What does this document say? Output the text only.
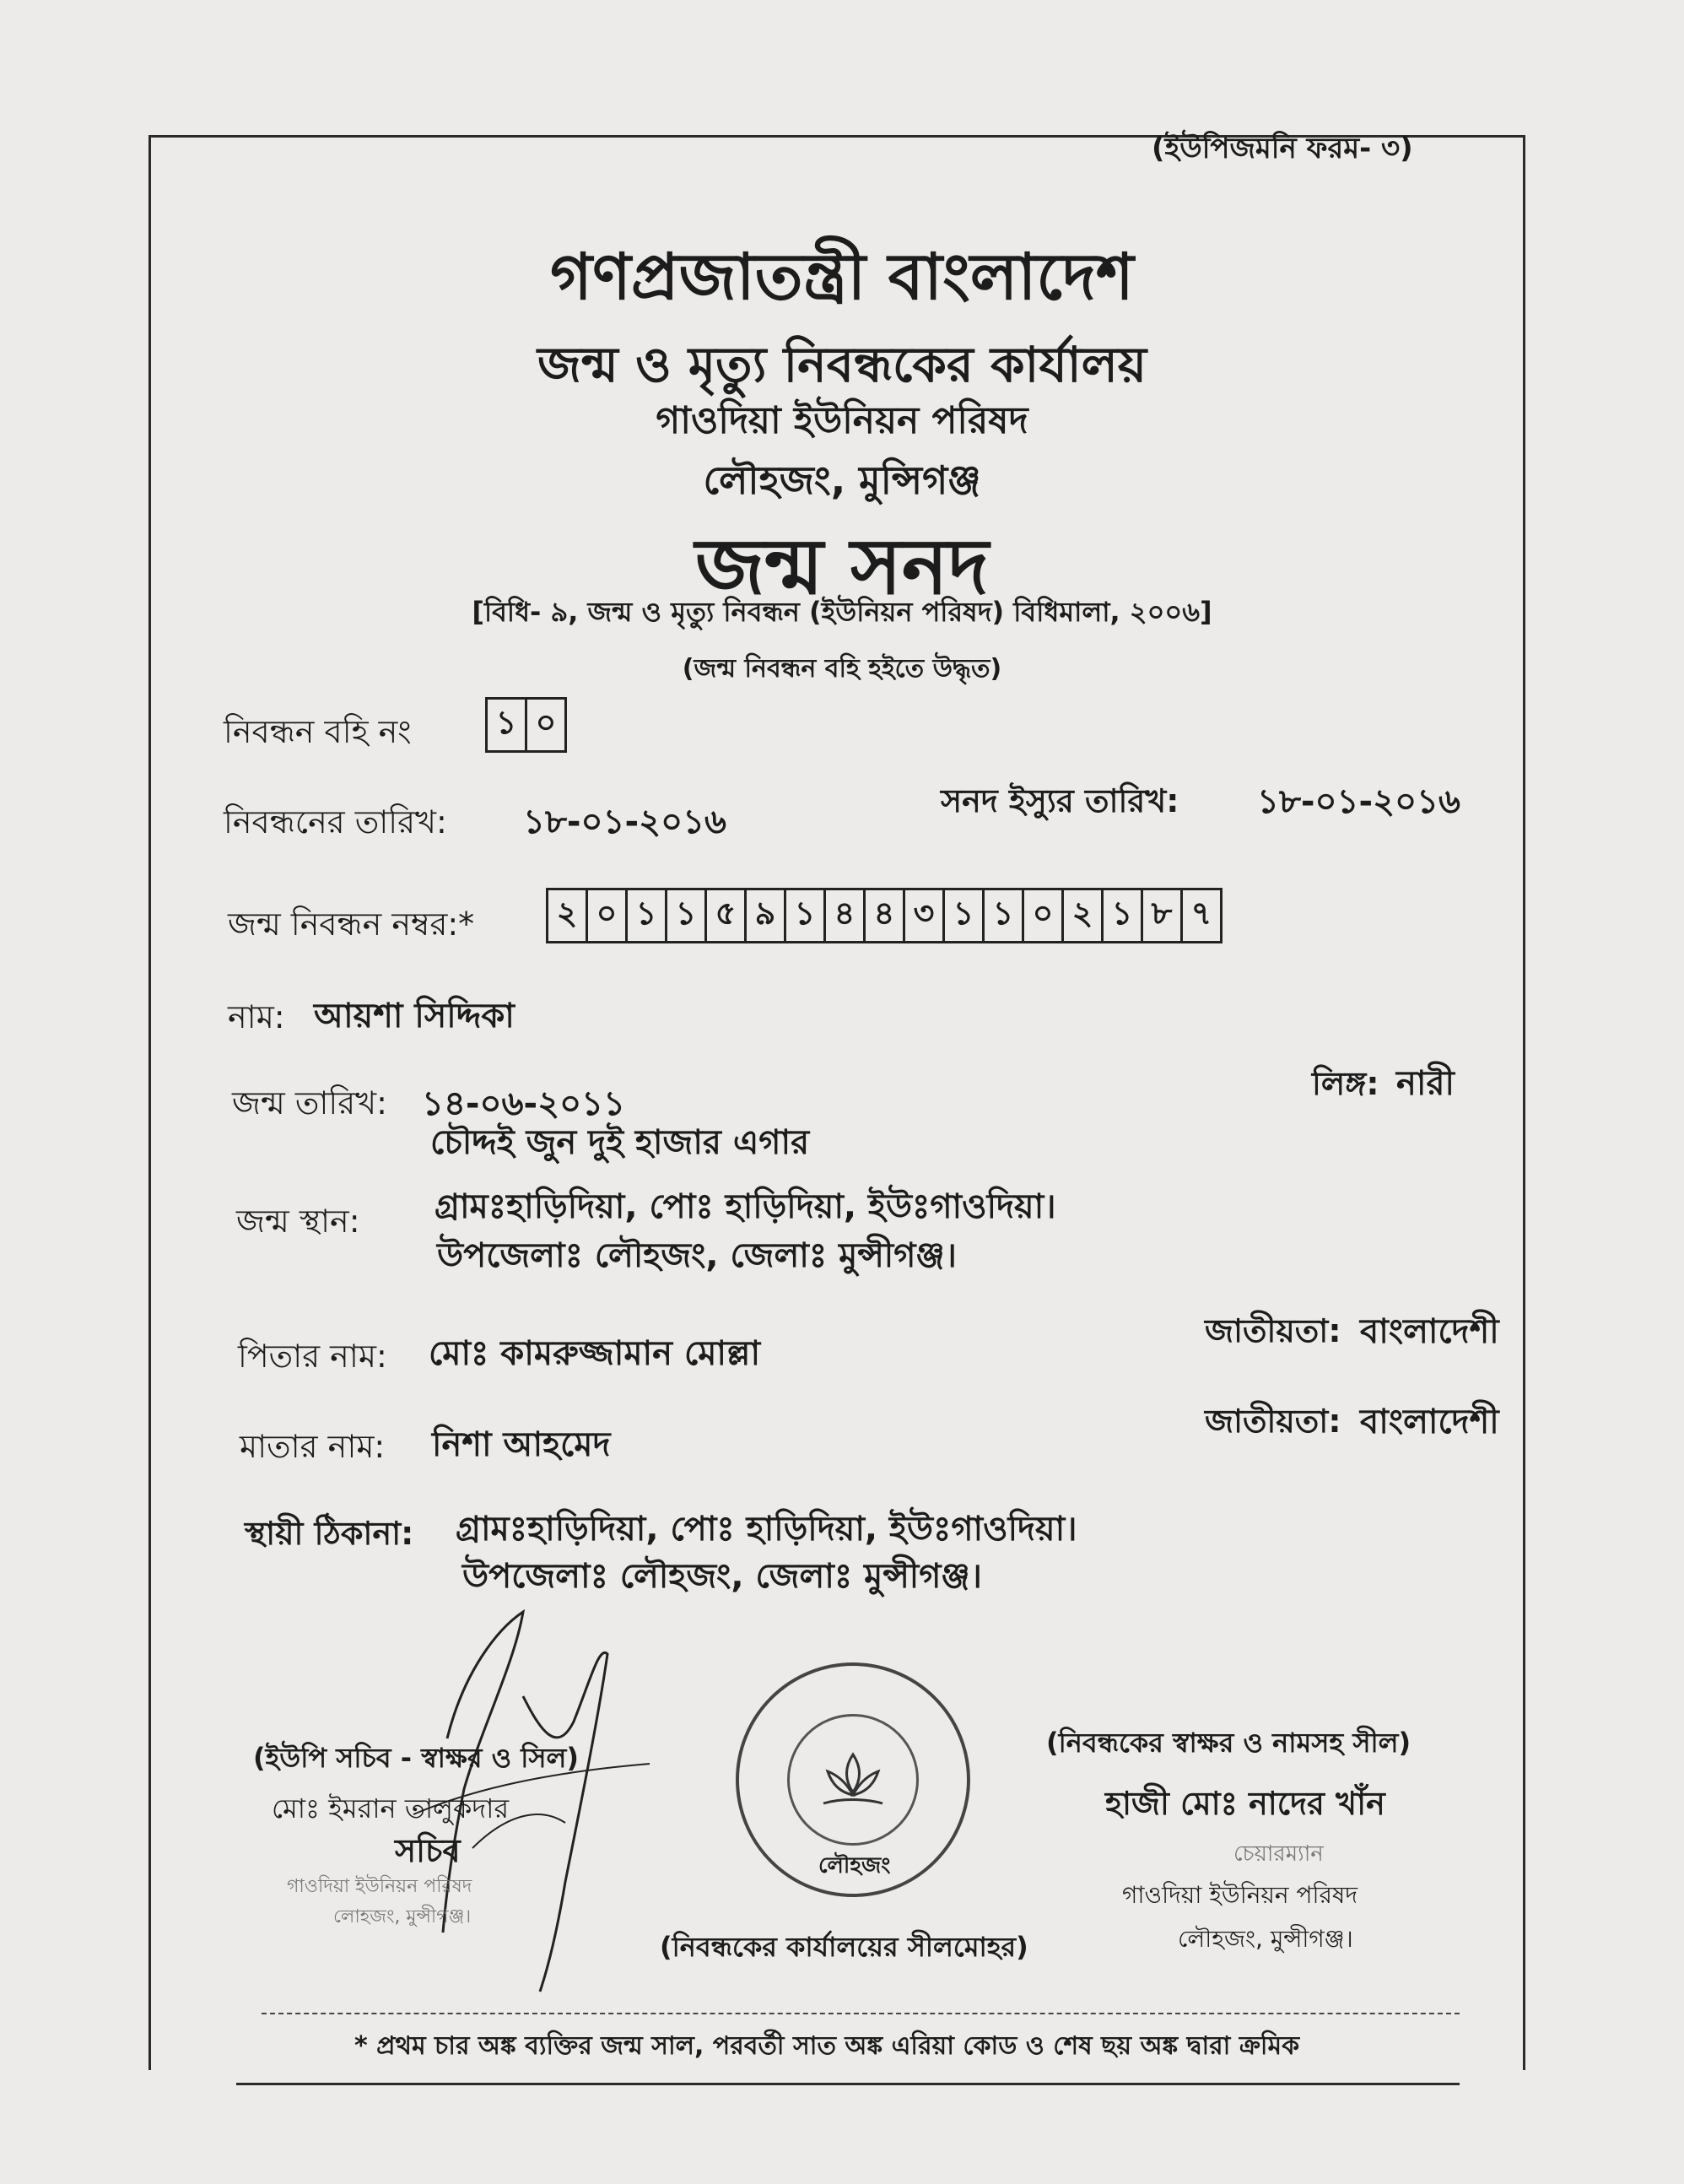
(ইউপিজমনি ফরম- ৩)
গণপ্রজাতন্ত্রী বাংলাদেশ
জন্ম ও মৃত্যু নিবন্ধকের কার্যালয়
গাওদিয়া ইউনিয়ন পরিষদ
লৌহজং, মুন্সিগঞ্জ
জন্ম সনদ
[বিধি- ৯, জন্ম ও মৃত্যু নিবন্ধন (ইউনিয়ন পরিষদ) বিধিমালা, ২০০৬]
(জন্ম নিবন্ধন বহি হইতে উদ্ধৃত)
নিবন্ধন বহি নং	১ ০
নিবন্ধনের তারিখ: ১৮-০১-২০১৬
সনদ ইস্যুর তারিখ: ১৮-০১-২০১৬
জন্ম নিবন্ধন নম্বর:*	২ ০ ১ ১ ৫ ৯ ১ ৪ ৪ ৩ ১ ১ ০ ২ ১ ৮ ৭
নাম: আয়শা সিদ্দিকা
জন্ম তারিখ: ১৪-০৬-২০১১
চৌদ্দই জুন দুই হাজার এগার
লিঙ্গ: নারী
জন্ম স্থান: গ্রামঃহাড়িদিয়া, পোঃ হাড়িদিয়া, ইউঃগাওদিয়া।
উপজেলাঃ লৌহজং, জেলাঃ মুন্সীগঞ্জ।
পিতার নাম: মোঃ কামরুজ্জামান মোল্লা
জাতীয়তা: বাংলাদেশী
মাতার নাম: নিশা আহমেদ
জাতীয়তা: বাংলাদেশী
স্থায়ী ঠিকানা: গ্রামঃহাড়িদিয়া, পোঃ হাড়িদিয়া, ইউঃগাওদিয়া।
উপজেলাঃ লৌহজং, জেলাঃ মুন্সীগঞ্জ।
(ইউপি সচিব - স্বাক্ষর ও সিল)
মোঃ ইমরান তালুকদার
সচিব
গাওদিয়া ইউনিয়ন পরিষদ
লোহজং, মুন্সীগঞ্জ।
লৌহজং
(নিবন্ধকের কার্যালয়ের সীলমোহর)
(নিবন্ধকের স্বাক্ষর ও নামসহ সীল)
হাজী মোঃ নাদের খাঁন
চেয়ারম্যান
গাওদিয়া ইউনিয়ন পরিষদ
লৌহজং, মুন্সীগঞ্জ।
* প্রথম চার অঙ্ক ব্যক্তির জন্ম সাল, পরবর্তী সাত অঙ্ক এরিয়া কোড ও শেষ ছয় অঙ্ক দ্বারা ক্রমিক
